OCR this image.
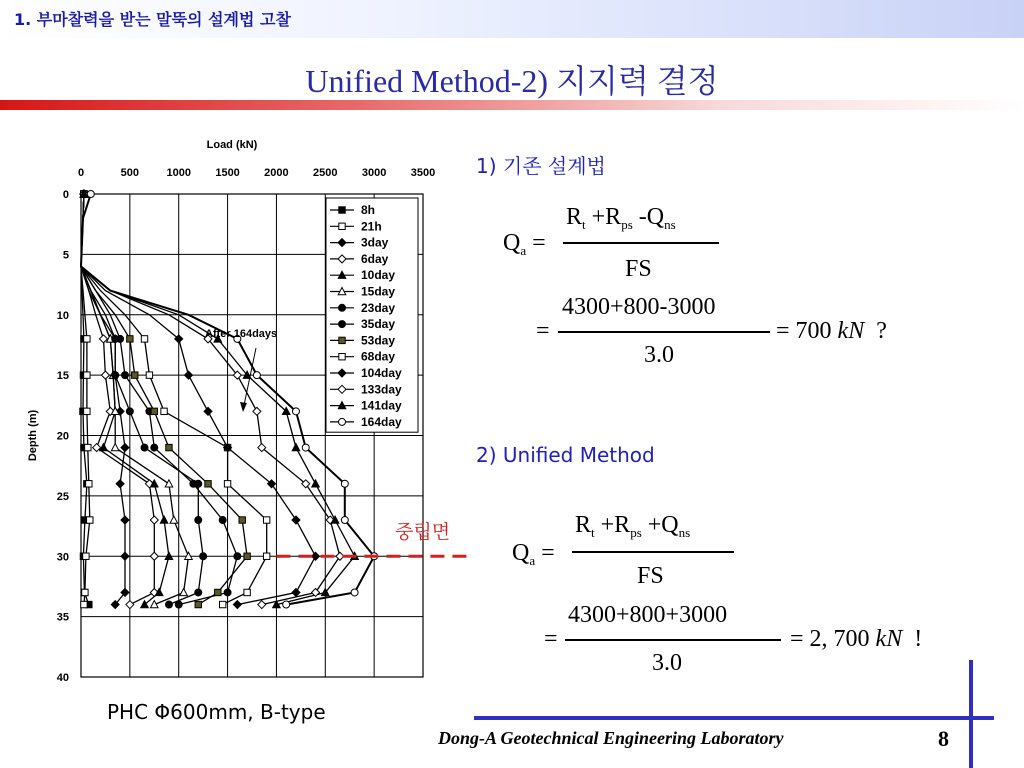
1. 부마찰력을 받는 말뚝의 설계법 고찰
Unified Method-2) 지지력 결정
0	500 1000 1500 2000 2500 3000 3500
0
5
10
15
20
25
30
35
40
Load (kN)
Depth (m)
8h
21h
3day
6day
10day
15day
23day
35day
53day
68day
104day
133day
141day
164day
After 164days
1) 기존 설계법
$Q_a$ =
$R_t +R_{ps}$ $-Q_{ns}$
FS
=
4300+800-3000
3.0
= 700 kN ?
2) Unified Method
$Q_a$ =
$R_t +R_{ps} +Q_{ns}$
FS
=
4300+800+3000
3.0
= 2, 700 kN !
중립면
PHC Φ600mm, B-type
Dong-A Geotechnical Engineering Laboratory	8
